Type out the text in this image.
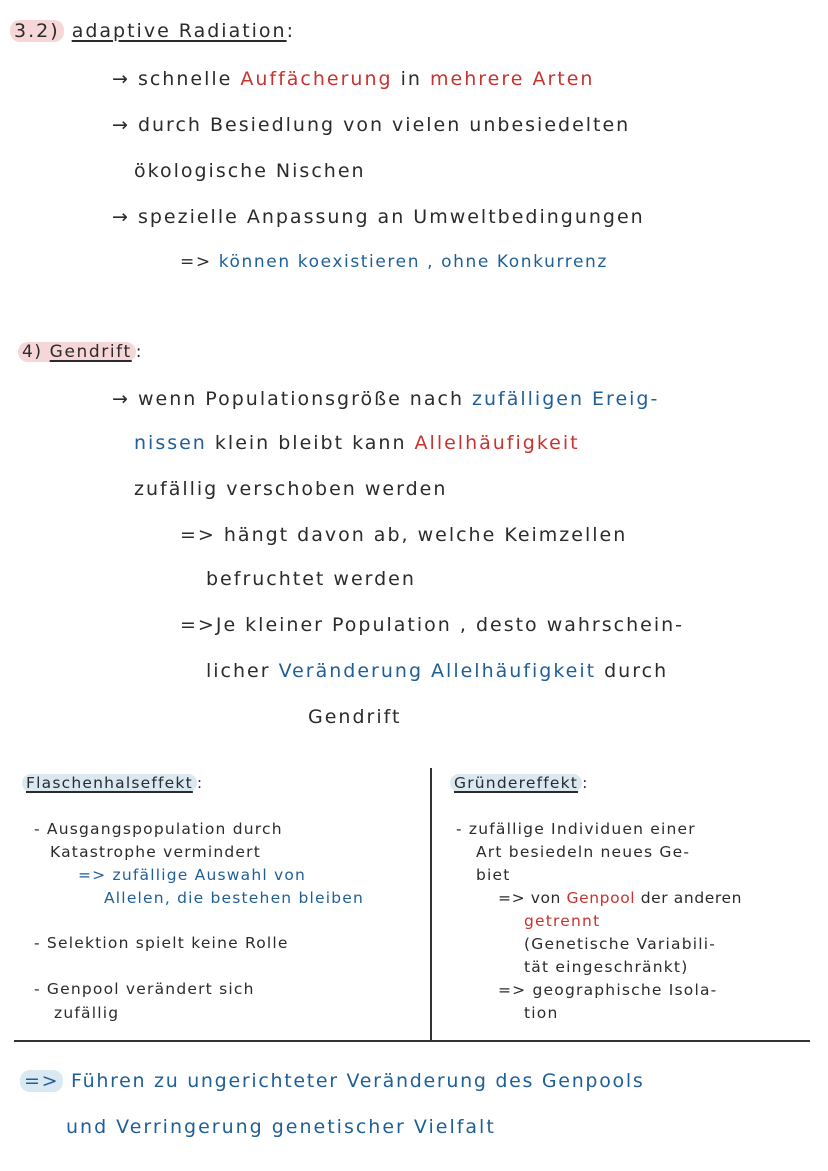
3.2) adaptive Radiation:
→ schnelle Auffächerung in mehrere Arten
→ durch Besiedlung von vielen unbesiedelten
ökologische Nischen
→ spezielle Anpassung an Umweltbedingungen
=> können koexistieren , ohne Konkurrenz
4) Gendrift :
→ wenn Populationsgröße nach zufälligen Ereig-
nissen klein bleibt kann Allelhäufigkeit
zufällig verschoben werden
=> hängt davon ab, welche Keimzellen
befruchtet werden
=>Je kleiner Population , desto wahrschein-
licher Veränderung Allelhäufigkeit durch
Gendrift
Flaschenhalseffekt :
- Ausgangspopulation durch
Katastrophe vermindert
=> zufällige Auswahl von
Allelen, die bestehen bleiben
- Selektion spielt keine Rolle
- Genpool verändert sich
zufällig
Gründereffekt :
- zufällige Individuen einer
Art besiedeln neues Ge-
biet
=> von Genpool der anderen
getrennt
(Genetische Variabili-
tät eingeschränkt)
=> geographische Isola-
tion
=> Führen zu ungerichteter Veränderung des Genpools
und Verringerung genetischer Vielfalt
